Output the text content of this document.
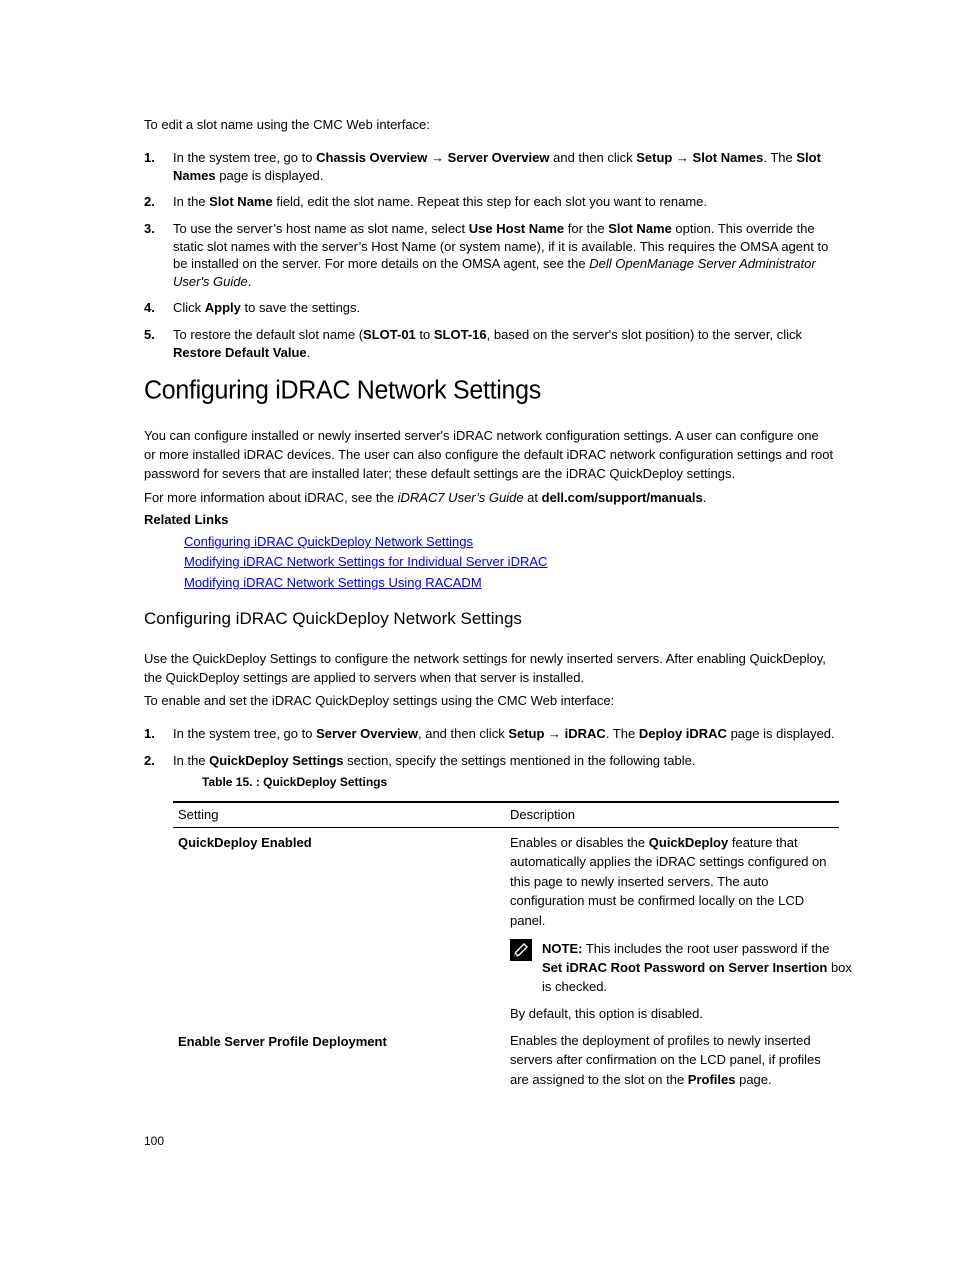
To edit a slot name using the CMC Web interface:
1. In the system tree, go to Chassis Overview → Server Overview and then click Setup → Slot Names. The Slot
Names page is displayed.
2. In the Slot Name field, edit the slot name. Repeat this step for each slot you want to rename.
3. To use the server’s host name as slot name, select Use Host Name for the Slot Name option. This override the
static slot names with the server’s Host Name (or system name), if it is available. This requires the OMSA agent to
be installed on the server. For more details on the OMSA agent, see the Dell OpenManage Server Administrator
User's Guide.
4. Click Apply to save the settings.
5. To restore the default slot name (SLOT-01 to SLOT-16, based on the server's slot position) to the server, click
Restore Default Value.
Configuring iDRAC Network Settings
You can configure installed or newly inserted server's iDRAC network configuration settings. A user can configure one
or more installed iDRAC devices. The user can also configure the default iDRAC network configuration settings and root
password for severs that are installed later; these default settings are the iDRAC QuickDeploy settings.
For more information about iDRAC, see the iDRAC7 User’s Guide at dell.com/support/manuals.
Related Links
Configuring iDRAC QuickDeploy Network Settings
Modifying iDRAC Network Settings for Individual Server iDRAC
Modifying iDRAC Network Settings Using RACADM
Configuring iDRAC QuickDeploy Network Settings
Use the QuickDeploy Settings to configure the network settings for newly inserted servers. After enabling QuickDeploy,
the QuickDeploy settings are applied to servers when that server is installed.
To enable and set the iDRAC QuickDeploy settings using the CMC Web interface:
1. In the system tree, go to Server Overview, and then click Setup → iDRAC. The Deploy iDRAC page is displayed.
2. In the QuickDeploy Settings section, specify the settings mentioned in the following table.
Table 15. : QuickDeploy Settings
Setting	Description
QuickDeploy Enabled	Enables or disables the QuickDeploy feature that
automatically applies the iDRAC settings configured on
this page to newly inserted servers. The auto
configuration must be confirmed locally on the LCD
panel.
NOTE: This includes the root user password if the
Set iDRAC Root Password on Server Insertion box
is checked.
By default, this option is disabled.
Enable Server Profile Deployment	Enables the deployment of profiles to newly inserted
servers after confirmation on the LCD panel, if profiles
are assigned to the slot on the Profiles page.
100
